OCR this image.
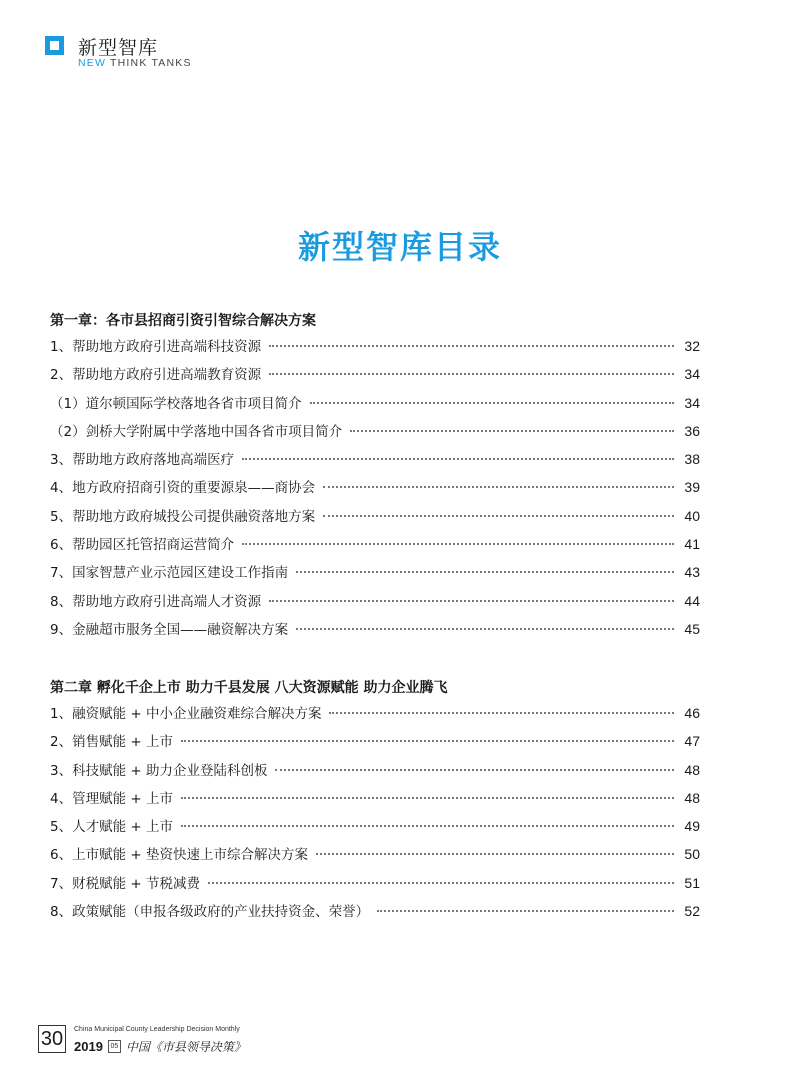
新型智库
NEW THINK TANKS
新型智库目录
第一章：各市县招商引资引智综合解决方案
1、帮助地方政府引进高端科技资源	32
2、帮助地方政府引进高端教育资源	34
（1）道尔顿国际学校落地各省市项目简介	34
（2）剑桥大学附属中学落地中国各省市项目简介	36
3、帮助地方政府落地高端医疗	38
4、地方政府招商引资的重要源泉——商协会	39
5、帮助地方政府城投公司提供融资落地方案	40
6、帮助园区托管招商运营简介	41
7、国家智慧产业示范园区建设工作指南	43
8、帮助地方政府引进高端人才资源	44
9、金融超市服务全国——融资解决方案	45
第二章 孵化千企上市 助力千县发展 八大资源赋能 助力企业腾飞
1、融资赋能 + 中小企业融资难综合解决方案	46
2、销售赋能 + 上市	47
3、科技赋能 + 助力企业登陆科创板	48
4、管理赋能 + 上市	48
5、人才赋能 + 上市	49
6、上市赋能 + 垫资快速上市综合解决方案	50
7、财税赋能 + 节税减费	51
8、政策赋能（申报各级政府的产业扶持资金、荣誉）	52
30	China Municipal County Leadership Decision Monthly
2019	05 中国《市县领导决策》
